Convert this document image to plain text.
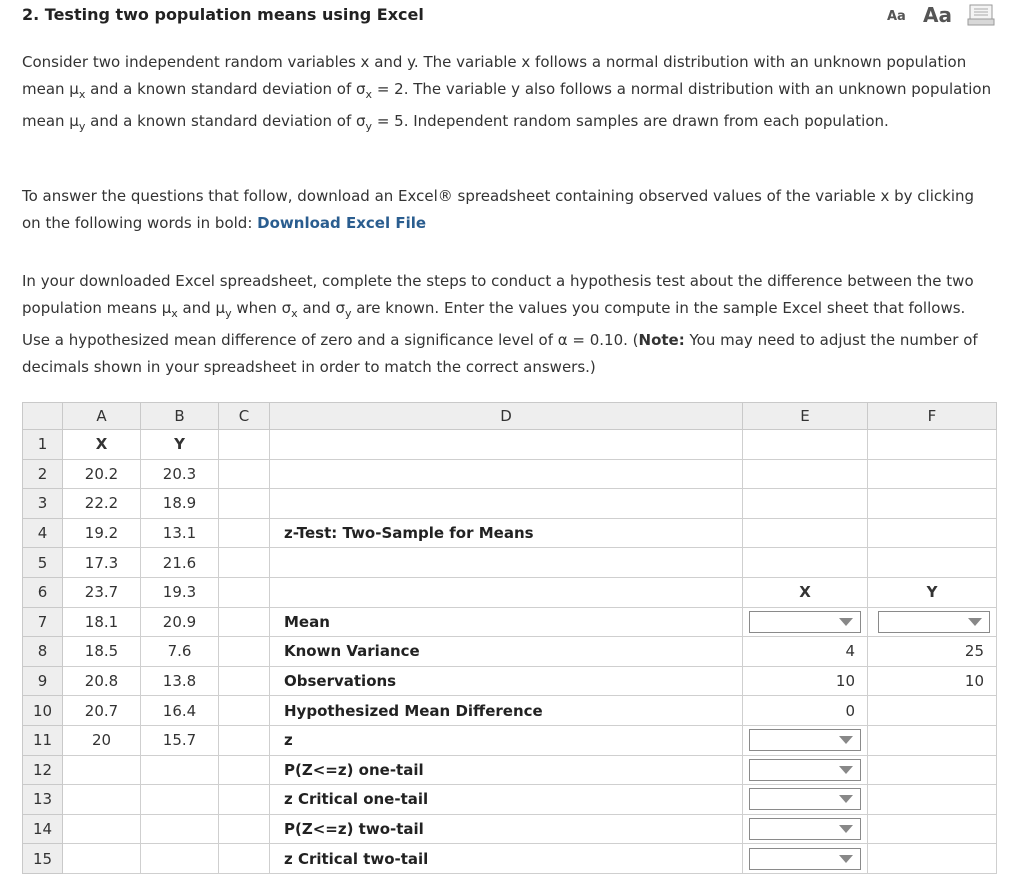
2. Testing two population means using Excel	Aa Aa

Consider two independent random variables x and y. The variable x follows a normal distribution with an unknown population mean $\mu_x$ and a known standard deviation of $\sigma_x = 2$. The variable y also follows a normal distribution with an unknown population mean $\mu_y$ and a known standard deviation of $\sigma_y = 5$. Independent random samples are drawn from each population.

To answer the questions that follow, download an Excel® spreadsheet containing observed values of the variable x by clicking on the following words in bold: Download Excel File

In your downloaded Excel spreadsheet, complete the steps to conduct a hypothesis test about the difference between the two population means $\mu_x$ and $\mu_y$ when $\sigma_x$ and $\sigma_y$ are known. Enter the values you compute in the sample Excel sheet that follows. Use a hypothesized mean difference of zero and a significance level of α = 0.10. (Note: You may need to adjust the number of decimals shown in your spreadsheet in order to match the correct answers.)

	A	B	C	D	E	F
1	X	Y				
2	20.2	20.3				
3	22.2	18.9				
4	19.2	13.1		z-Test: Two-Sample for Means		
5	17.3	21.6				
6	23.7	19.3			X	Y
7	18.1	20.9		Mean	

8	18.5	7.6		Known Variance	4	25
9	20.8	13.8		Observations	10	10
10	20.7	16.4		Hypothesized Mean Difference	0	
11	20	15.7		z	

12				P(Z<=z) one-tail	

13				z Critical one-tail	

14				P(Z<=z) two-tail	

15				z Critical two-tail	
